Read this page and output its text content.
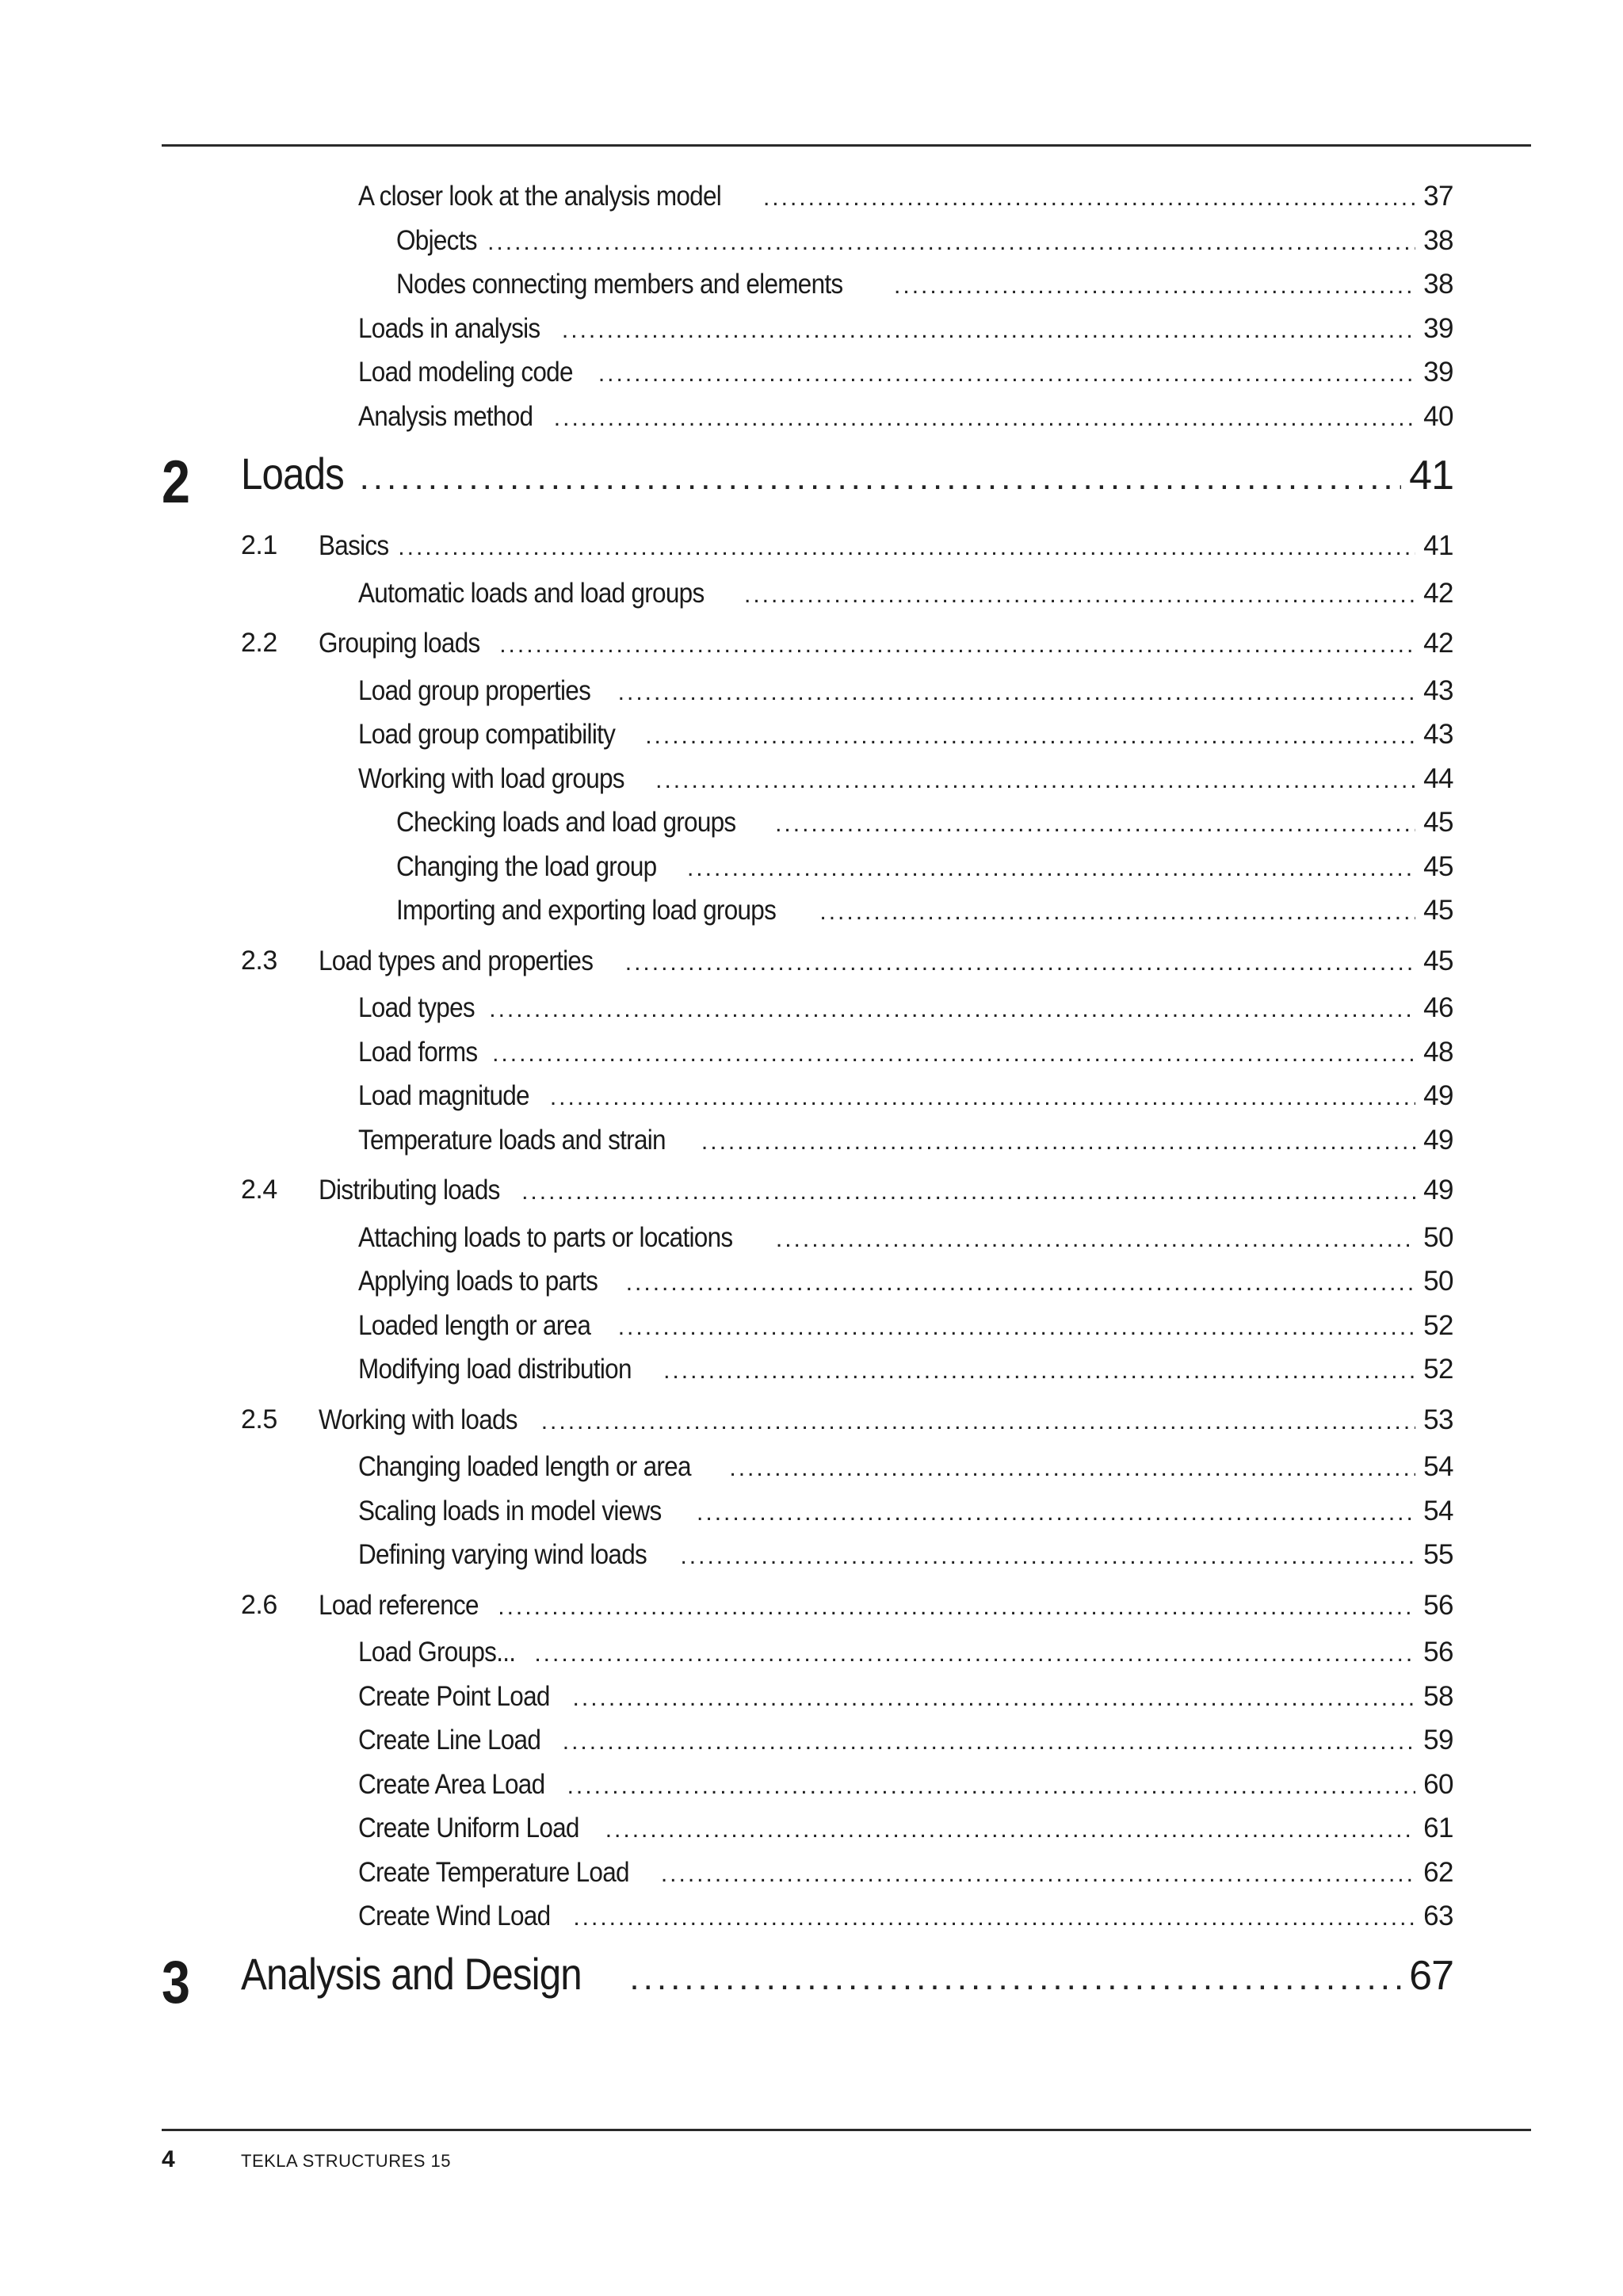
A closer look at the analysis model .....	37
Objects .....	38
Nodes connecting members and elements .....	38
Loads in analysis .....	39
Load modeling code .....	39
Analysis method .....	40
2 Loads .....	41
2.1 Basics .....	41
Automatic loads and load groups .....	42
2.2 Grouping loads .....	42
Load group properties .....	43
Load group compatibility .....	43
Working with load groups .....	44
Checking loads and load groups .....	45
Changing the load group .....	45
Importing and exporting load groups .....	45
2.3 Load types and properties .....	45
Load types .....	46
Load forms .....	48
Load magnitude .....	49
Temperature loads and strain .....	49
2.4 Distributing loads .....	49
Attaching loads to parts or locations .....	50
Applying loads to parts .....	50
Loaded length or area .....	52
Modifying load distribution .....	52
2.5 Working with loads .....	53
Changing loaded length or area .....	54
Scaling loads in model views .....	54
Defining varying wind loads .....	55
2.6 Load reference .....	56
Load Groups... .....	56
Create Point Load .....	58
Create Line Load .....	59
Create Area Load .....	60
Create Uniform Load .....	61
Create Temperature Load .....	62
Create Wind Load .....	63
3 Analysis and Design .....	67
4	TEKLA STRUCTURES 15
